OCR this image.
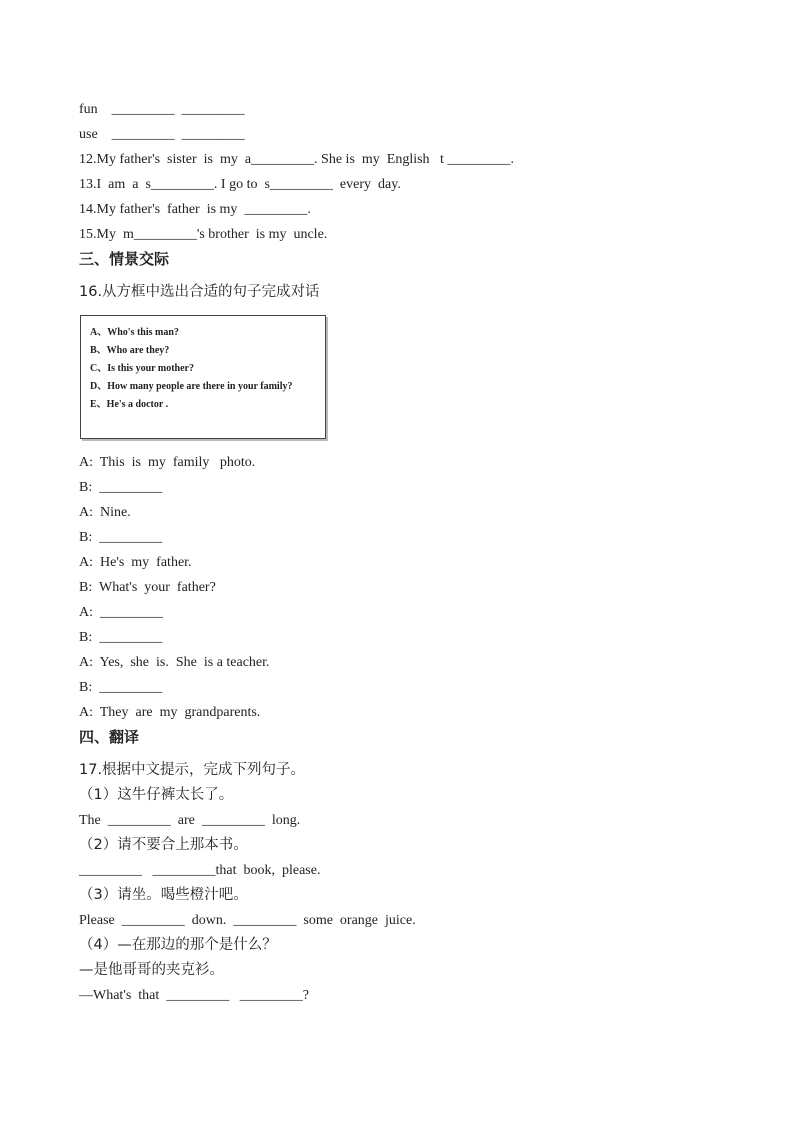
fun    _________  _________
use    _________  _________
12.My father's  sister  is  my  a_________. She is  my  English   t _________.
13.I  am  a  s_________. I go to  s_________  every  day.
14.My father's  father  is my  _________.
15.My  m_________'s brother  is my  uncle.
三、情景交际
16.从方框中选出合适的句子完成对话
A、Who's this man?
B、Who are they?
C、Is this your mother?
D、How many people are there in your family?
E、He's a doctor .
A:  This  is  my  family   photo.
B:  _________
A:  Nine.
B:  _________
A:  He's  my  father.
B:  What's  your  father?
A:  _________
B:  _________
A:  Yes,  she  is.  She  is a teacher.
B:  _________
A:  They  are  my  grandparents.
四、翻译
17.根据中文提示，完成下列句子。
（1）这牛仔裤太长了。
The  _________  are  _________  long.
（2）请不要合上那本书。
_________   _________that  book,  please.
（3）请坐。喝些橙汁吧。
Please  _________  down.  _________  some  orange  juice.
（4）—在那边的那个是什么？
—是他哥哥的夹克衫。
—What's  that  _________   _________?
